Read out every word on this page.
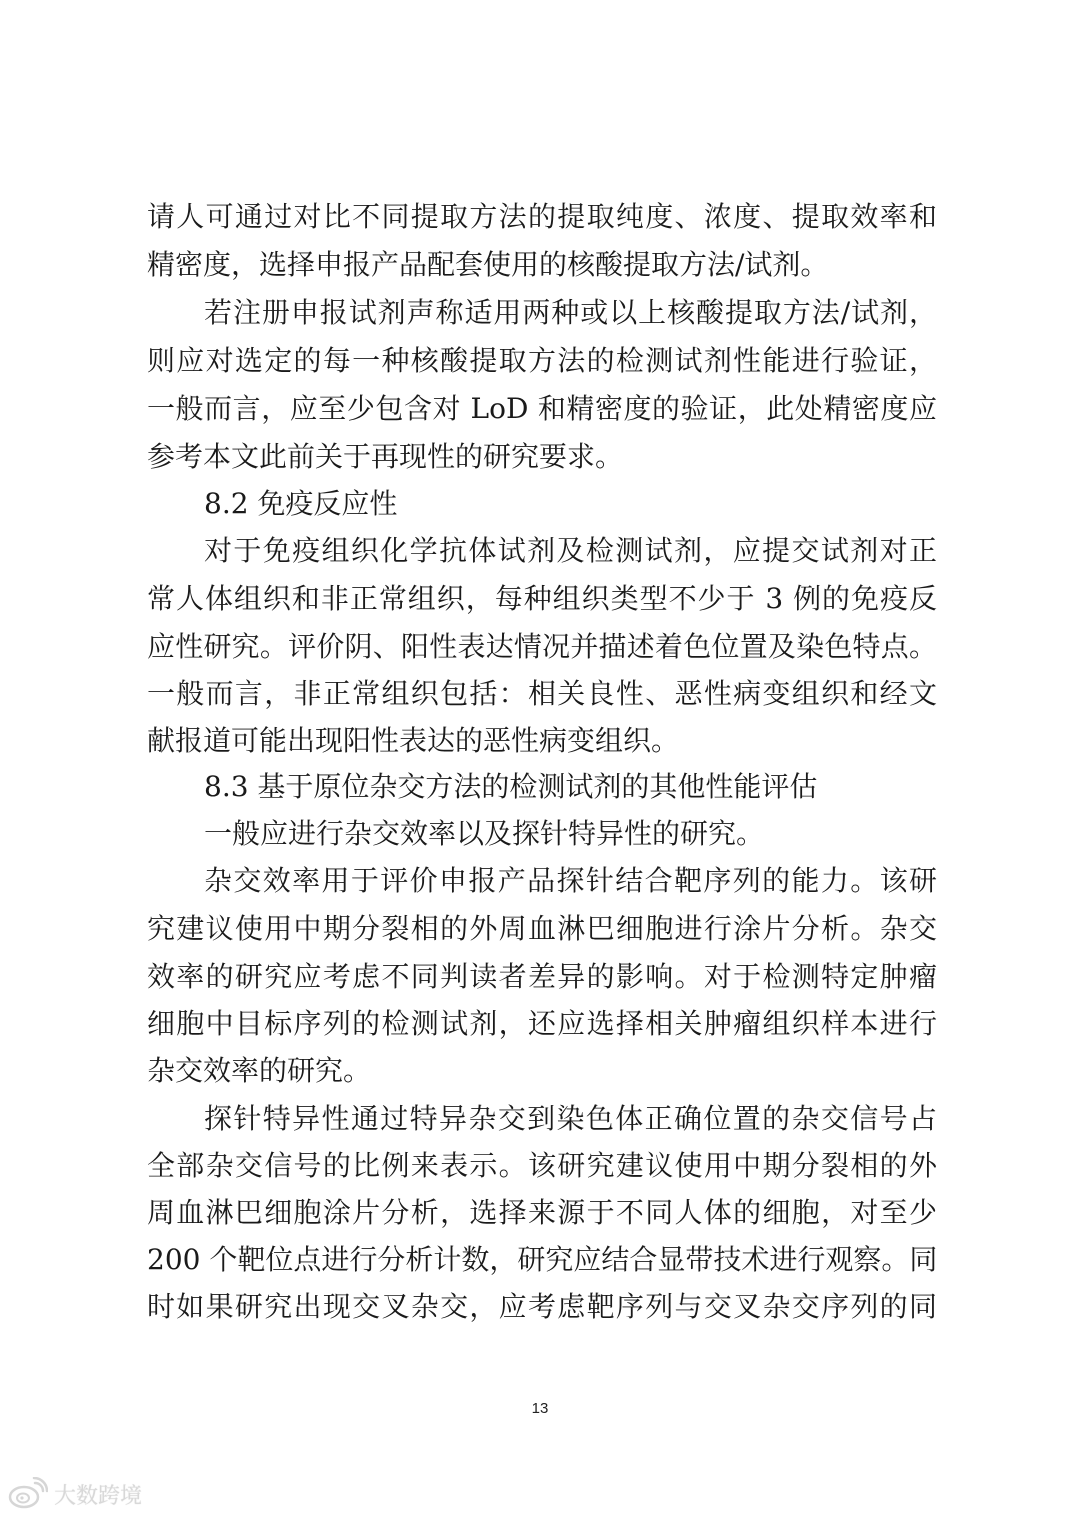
请人可通过对比不同提取方法的提取纯度、浓度、提取效率和
精密度，选择申报产品配套使用的核酸提取方法/试剂。
若注册申报试剂声称适用两种或以上核酸提取方法/试剂，
则应对选定的每一种核酸提取方法的检测试剂性能进行验证，
一般而言，应至少包含对 LoD 和精密度的验证，此处精密度应
参考本文此前关于再现性的研究要求。
8.2 免疫反应性
对于免疫组织化学抗体试剂及检测试剂，应提交试剂对正
常人体组织和非正常组织，每种组织类型不少于 3 例的免疫反
应性研究。评价阴、阳性表达情况并描述着色位置及染色特点。
一般而言，非正常组织包括：相关良性、恶性病变组织和经文
献报道可能出现阳性表达的恶性病变组织。
8.3 基于原位杂交方法的检测试剂的其他性能评估
一般应进行杂交效率以及探针特异性的研究。
杂交效率用于评价申报产品探针结合靶序列的能力。该研
究建议使用中期分裂相的外周血淋巴细胞进行涂片分析。杂交
效率的研究应考虑不同判读者差异的影响。对于检测特定肿瘤
细胞中目标序列的检测试剂，还应选择相关肿瘤组织样本进行
杂交效率的研究。
探针特异性通过特异杂交到染色体正确位置的杂交信号占
全部杂交信号的比例来表示。该研究建议使用中期分裂相的外
周血淋巴细胞涂片分析，选择来源于不同人体的细胞，对至少
200 个靶位点进行分析计数，研究应结合显带技术进行观察。同
时如果研究出现交叉杂交，应考虑靶序列与交叉杂交序列的同
13
大数跨境
